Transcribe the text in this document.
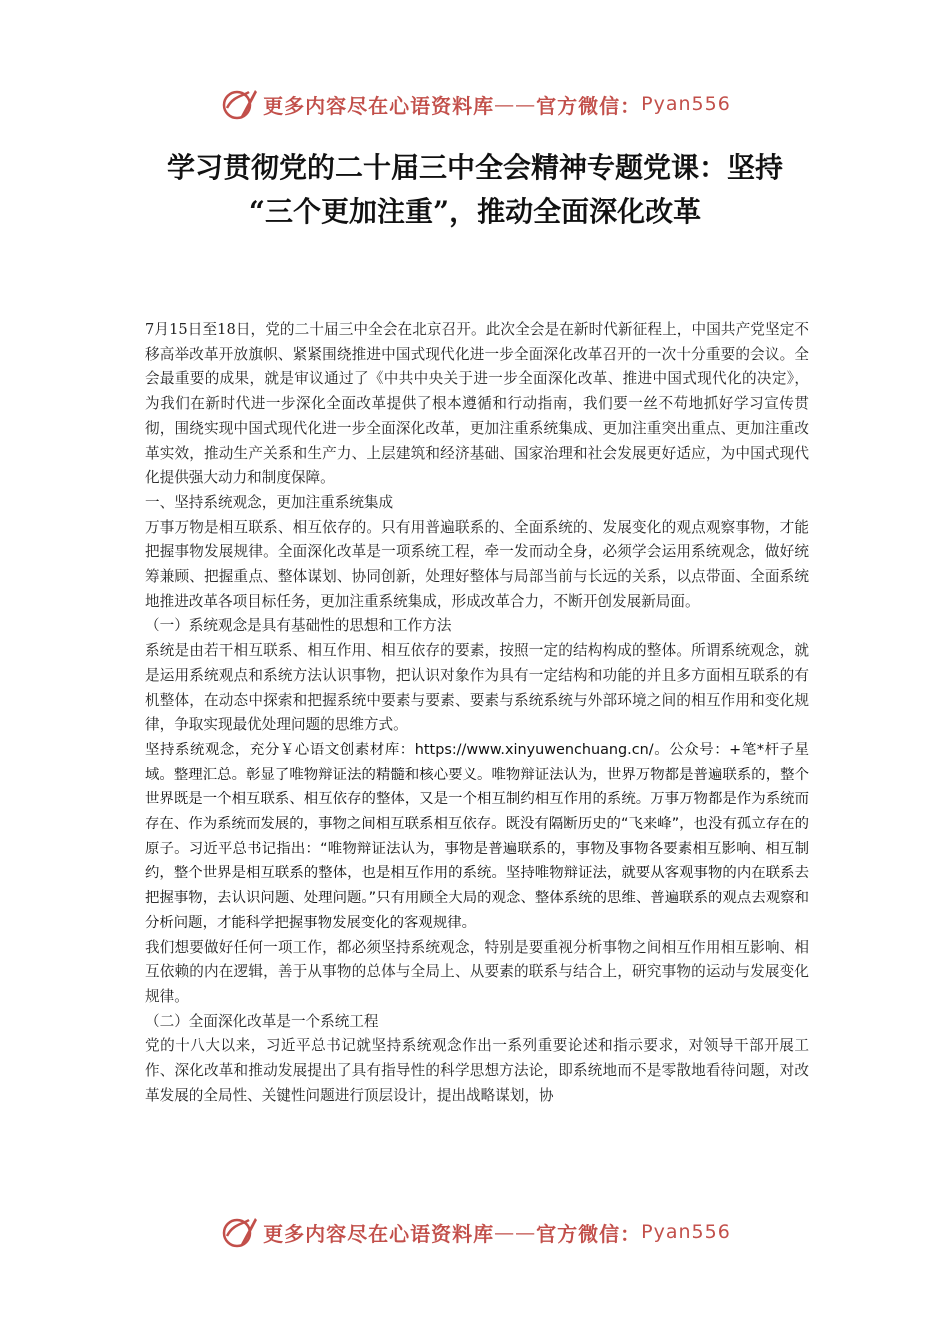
更多内容尽在心语资料库 —— 官方微信： Pyan556
学习贯彻党的二十届三中全会精神专题党课：坚持
“三个更加注重”，推动全面深化改革

7月15日至18日，党的二十届三中全会在北京召开。此次全会是在新时代新征程上，中国共产党坚定不移高举改革开放旗帜、紧紧围绕推进中国式现代化进一步全面深化改革召开的一次十分重要的会议。全会最重要的成果，就是审议通过了《中共中央关于进一步全面深化改革、推进中国式现代化的决定》，为我们在新时代进一步深化全面改革提供了根本遵循和行动指南，我们要一丝不苟地抓好学习宣传贯彻，围绕实现中国式现代化进一步全面深化改革，更加注重系统集成、更加注重突出重点、更加注重改革实效，推动生产关系和生产力、上层建筑和经济基础、国家治理和社会发展更好适应，为中国式现代化提供强大动力和制度保障。

一、坚持系统观念，更加注重系统集成

万事万物是相互联系、相互依存的。只有用普遍联系的、全面系统的、发展变化的观点观察事物，才能把握事物发展规律。全面深化改革是一项系统工程，牵一发而动全身，必须学会运用系统观念，做好统筹兼顾、把握重点、整体谋划、协同创新，处理好整体与局部当前与长远的关系，以点带面、全面系统地推进改革各项目标任务，更加注重系统集成，形成改革合力，不断开创发展新局面。

（一）系统观念是具有基础性的思想和工作方法

系统是由若干相互联系、相互作用、相互依存的要素，按照一定的结构构成的整体。所谓系统观念，就是运用系统观点和系统方法认识事物，把认识对象作为具有一定结构和功能的并且多方面相互联系的有机整体，在动态中探索和把握系统中要素与要素、要素与系统系统与外部环境之间的相互作用和变化规律，争取实现最优处理问题的思维方式。

坚持系统观念，充分￥心语文创素材库：https://www.xinyuwenchuang.cn/。公众号：+笔*杆子星域。整理汇总。彰显了唯物辩证法的精髓和核心要义。唯物辩证法认为，世界万物都是普遍联系的，整个世界既是一个相互联系、相互依存的整体，又是一个相互制约相互作用的系统。万事万物都是作为系统而存在、作为系统而发展的，事物之间相互联系相互依存。既没有隔断历史的“飞来峰”，也没有孤立存在的原子。习近平总书记指出：“唯物辩证法认为，事物是普遍联系的，事物及事物各要素相互影响、相互制约，整个世界是相互联系的整体，也是相互作用的系统。坚持唯物辩证法，就要从客观事物的内在联系去把握事物，去认识问题、处理问题。”只有用顾全大局的观念、整体系统的思维、普遍联系的观点去观察和分析问题，才能科学把握事物发展变化的客观规律。

我们想要做好任何一项工作，都必须坚持系统观念，特别是要重视分析事物之间相互作用相互影响、相互依赖的内在逻辑，善于从事物的总体与全局上、从要素的联系与结合上，研究事物的运动与发展变化规律。

（二）全面深化改革是一个系统工程

党的十八大以来，习近平总书记就坚持系统观念作出一系列重要论述和指示要求，对领导干部开展工作、深化改革和推动发展提出了具有指导性的科学思想方法论，即系统地而不是零散地看待问题，对改革发展的全局性、关键性问题进行顶层设计，提出战略谋划，协

更多内容尽在心语资料库 —— 官方微信： Pyan556
